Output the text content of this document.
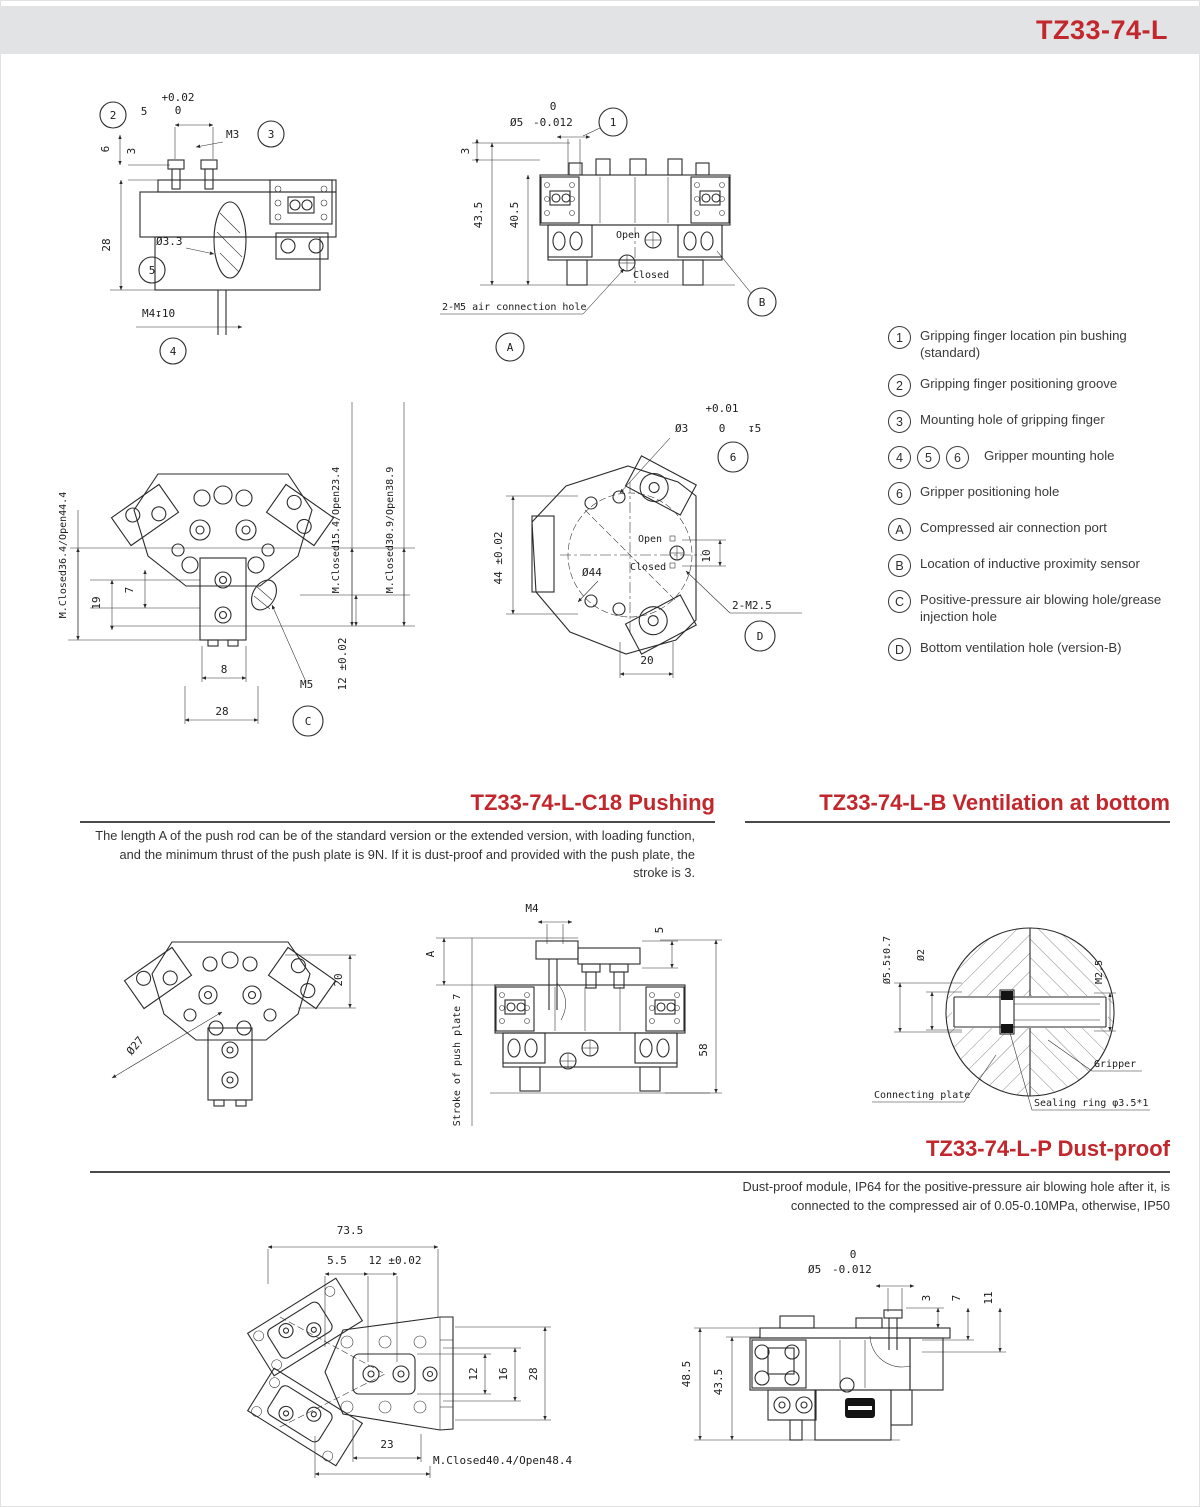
TZ33-74-L
2
+0.02
0
5
M3	3
6 3
28	Ø3.3
5
M4↧10
4
0
Ø5 -0.012	1
3
43.5 40.5
Open
Closed
2-M5 air connection hole	B
A
1	Gripping finger location pin bushing (standard)
2	Gripping finger positioning groove
3	Mounting hole of gripping finger
4	5	6	Gripper mounting hole
6	Gripper positioning hole
A	Compressed air connection port
B	Location of inductive proximity sensor
C	Positive-pressure air blowing hole/grease injection hole
D	Bottom ventilation hole (version-B)
M.Closed36.4/Open44.4	M.Closed15.4/Open23.4	M.Closed30.9/Open38.9
19
7
8
28
12 ±0.02
M5
C
+0.01
Ø3	0 ↧5
6
Open
Closed
Ø44
44 ±0.02	10
2-M2.5
D
20
TZ33-74-L-C18 Pushing
The length A of the push rod can be of the standard version or the extended version, with loading function, and the minimum thrust of the push plate is 9N. If it is dust-proof and provided with the push plate, the stroke is 3.
TZ33-74-L-B Ventilation at bottom
Ø27
20
M4
5
A
Stroke of push plate 7	58
Ø5.5↧0.7 Ø2
M2.5
Gripper
Connecting plate
Sealing ring φ3.5*1
TZ33-74-L-P Dust-proof
Dust-proof module, IP64 for the positive-pressure air blowing hole after it, is connected to the compressed air of 0.05-0.10MPa, otherwise, IP50
73.5
5.5 12 ±0.02
12 16 28
23
M.Closed40.4/Open48.4
0
Ø5 -0.012
3 7 11
48.5 43.5
